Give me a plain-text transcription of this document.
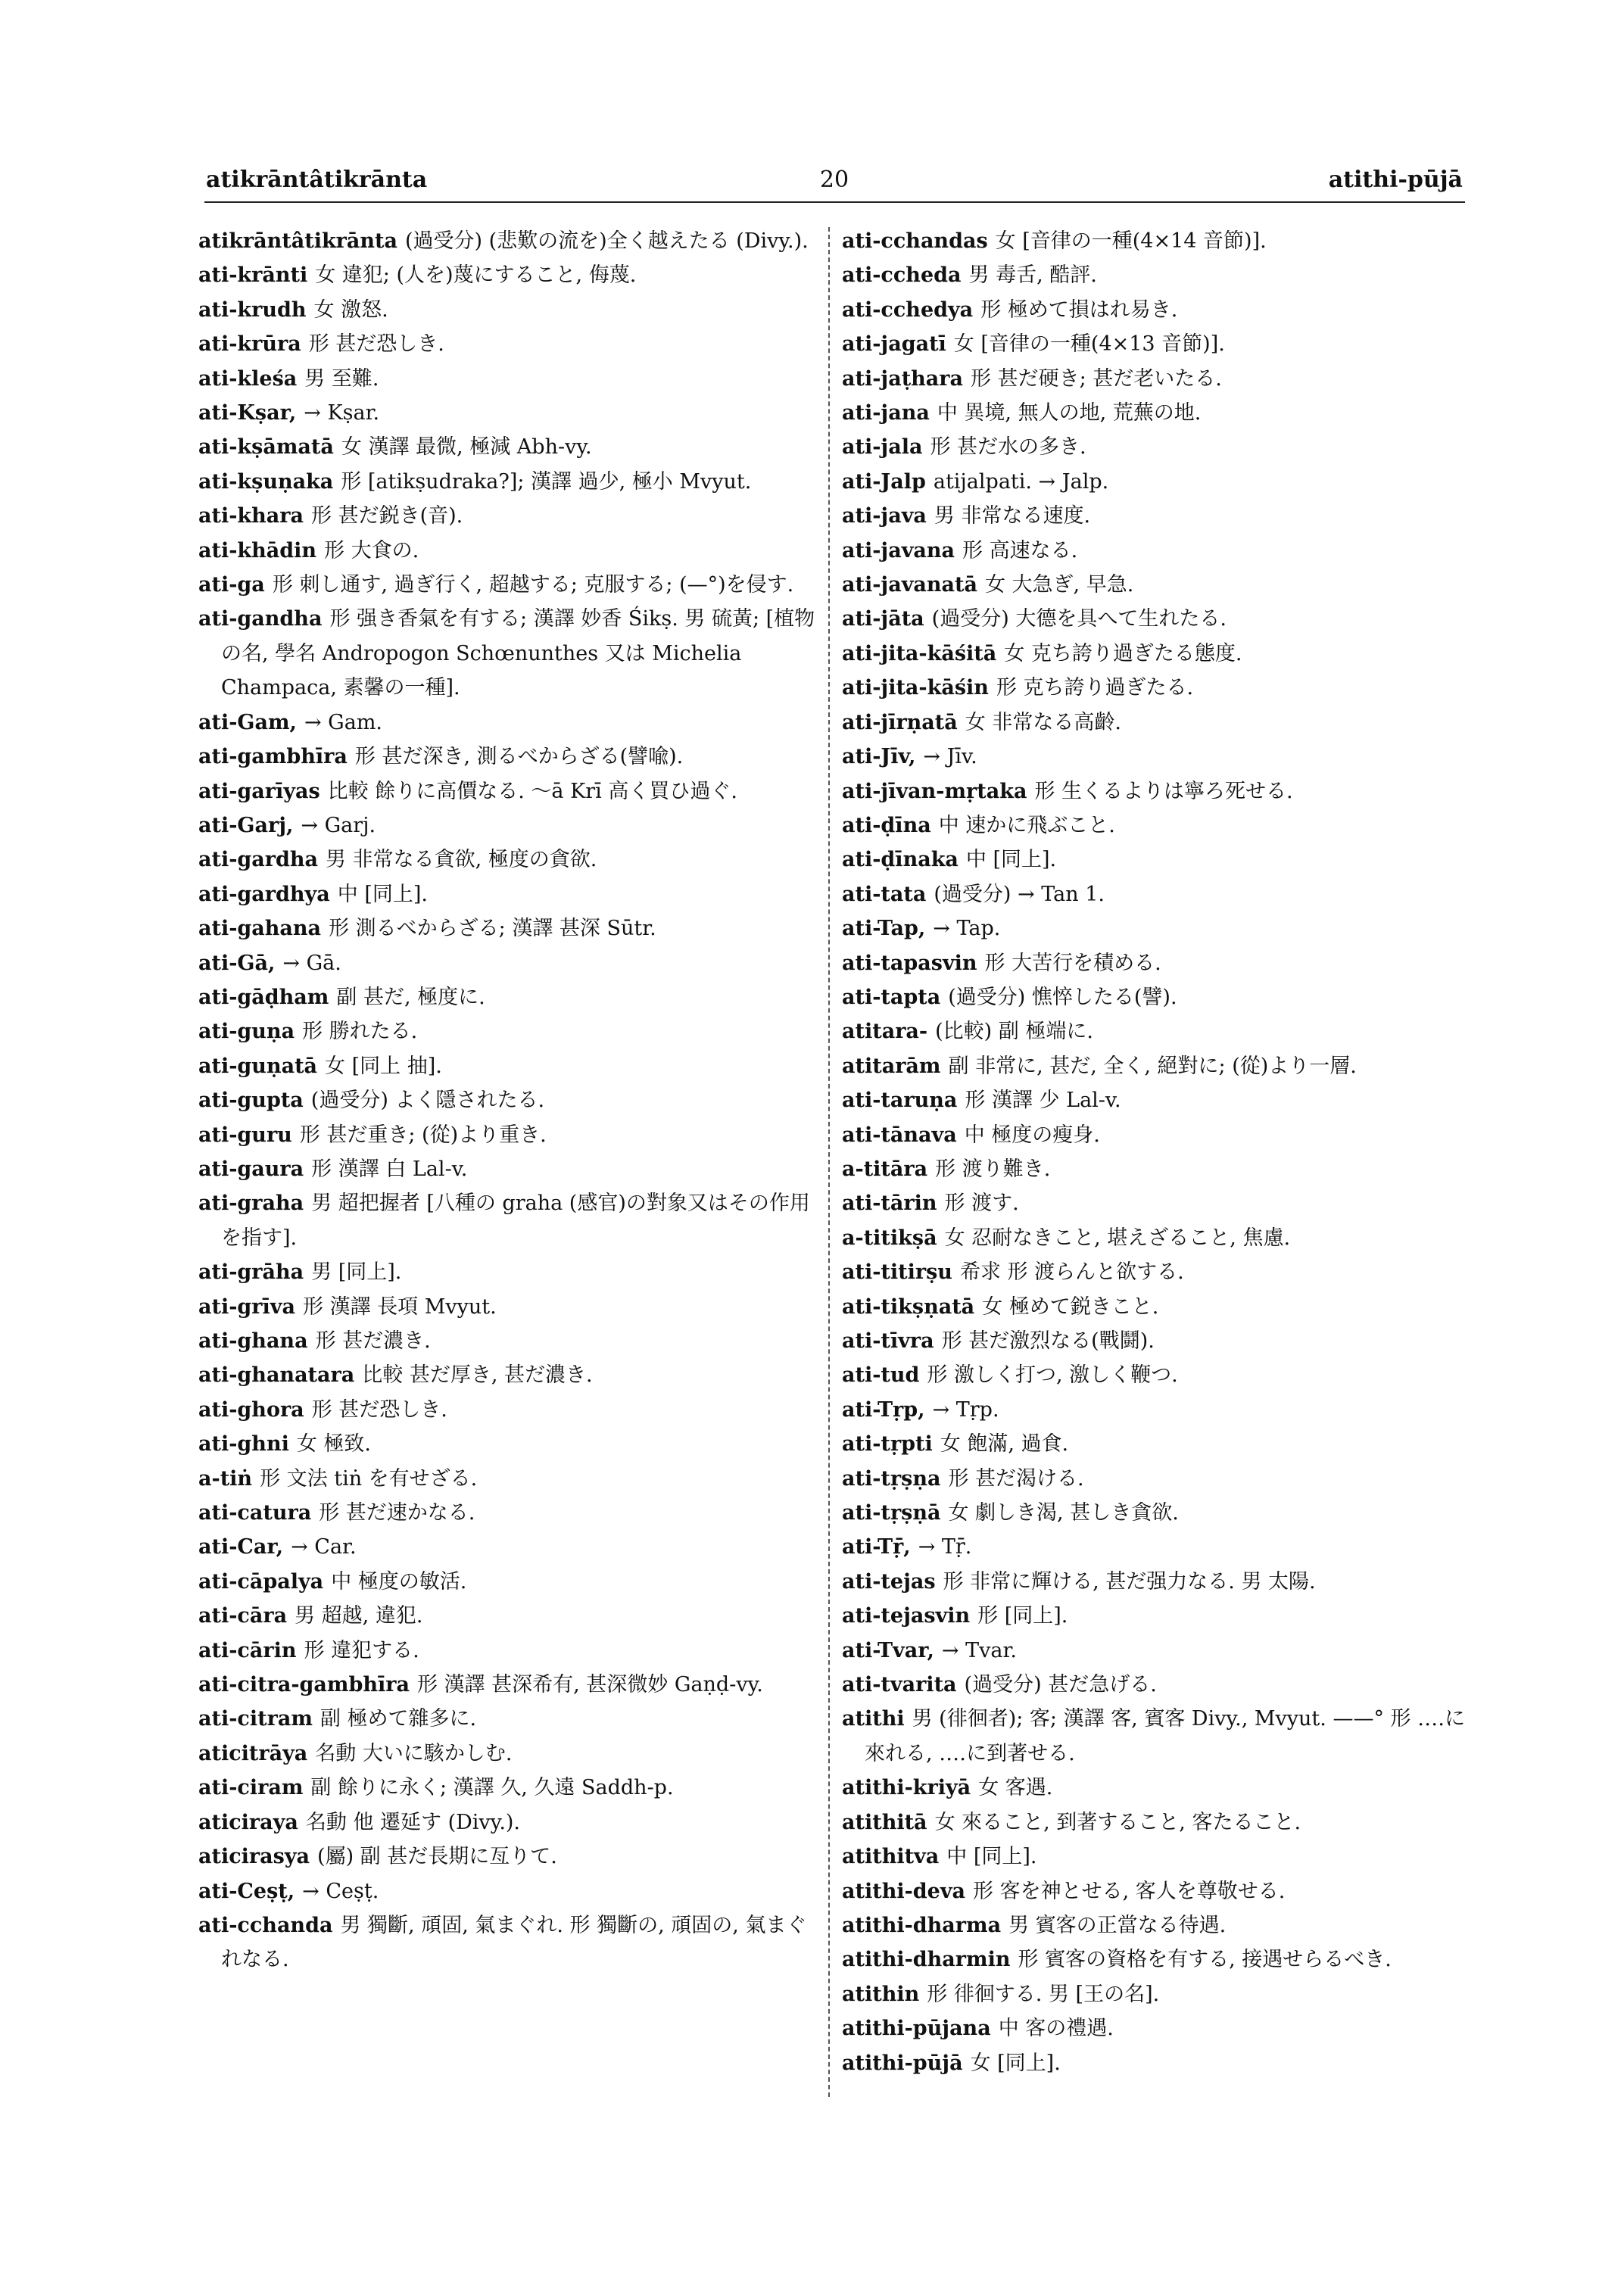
atikrāntâtikrānta	20	atithi-pūjā
atikrāntâtikrānta (過受分) (悲歎の流を)全く越えたる (Divy.).
ati-krānti 女 違犯; (人を)蔑にすること, 侮蔑.
ati-krudh 女 激怒.
ati-krūra 形 甚だ恐しき.
ati-kleśa 男 至難.
ati-Kṣar, → Kṣar.
ati-kṣāmatā 女 漢譯 最微, 極減 Abh-vy.
ati-kṣuṇaka 形 [atikṣudraka?]; 漢譯 過少, 極小 Mvyut.
ati-khara 形 甚だ鋭き(音).
ati-khādin 形 大食の.
ati-ga 形 刺し通す, 過ぎ行く, 超越する; 克服する; (—°)を侵す.
ati-gandha 形 强き香氣を有する; 漢譯 妙香 Śikṣ. 男 硫黃; [植物の名, 學名 Andropogon Schœnunthes 又は Michelia Champaca, 素馨の一種].
ati-Gam, → Gam.
ati-gambhīra 形 甚だ深き, 測るべからざる(譬喩).
ati-garīyas 比較 餘りに高價なる. ～ā Krī 高く買ひ過ぐ.
ati-Garj, → Garj.
ati-gardha 男 非常なる貪欲, 極度の貪欲.
ati-gardhya 中 [同上].
ati-gahana 形 測るべからざる; 漢譯 甚深 Sūtr.
ati-Gā, → Gā.
ati-gāḍham 副 甚だ, 極度に.
ati-guṇa 形 勝れたる.
ati-guṇatā 女 [同上 抽].
ati-gupta (過受分) よく隱されたる.
ati-guru 形 甚だ重き; (從)より重き.
ati-gaura 形 漢譯 白 Lal-v.
ati-graha 男 超把握者 [八種の graha (感官)の對象又はその作用を指す].
ati-grāha 男 [同上].
ati-grīva 形 漢譯 長項 Mvyut.
ati-ghana 形 甚だ濃き.
ati-ghanatara 比較 甚だ厚き, 甚だ濃き.
ati-ghora 形 甚だ恐しき.
ati-ghni 女 極致.
a-tiṅ 形 文法 tiṅ を有せざる.
ati-catura 形 甚だ速かなる.
ati-Car, → Car.
ati-cāpalya 中 極度の敏活.
ati-cāra 男 超越, 違犯.
ati-cārin 形 違犯する.
ati-citra-gambhīra 形 漢譯 甚深希有, 甚深微妙 Gaṇḍ-vy.
ati-citram 副 極めて雜多に.
aticitrāya 名動 大いに駭かしむ.
ati-ciram 副 餘りに永く; 漢譯 久, 久遠 Saddh-p.
aticiraya 名動 他 遷延す (Divy.).
aticirasya (屬) 副 甚だ長期に亙りて.
ati-Ceṣṭ, → Ceṣṭ.
ati-cchanda 男 獨斷, 頑固, 氣まぐれ. 形 獨斷の, 頑固の, 氣まぐれなる.
ati-cchandas 女 [音律の一種(4×14 音節)].
ati-ccheda 男 毒舌, 酷評.
ati-cchedya 形 極めて損はれ易き.
ati-jagatī 女 [音律の一種(4×13 音節)].
ati-jaṭhara 形 甚だ硬き; 甚だ老いたる.
ati-jana 中 異境, 無人の地, 荒蕪の地.
ati-jala 形 甚だ水の多き.
ati-Jalp atijalpati. → Jalp.
ati-java 男 非常なる速度.
ati-javana 形 高速なる.
ati-javanatā 女 大急ぎ, 早急.
ati-jāta (過受分) 大德を具へて生れたる.
ati-jita-kāśitā 女 克ち誇り過ぎたる態度.
ati-jita-kāśin 形 克ち誇り過ぎたる.
ati-jīrṇatā 女 非常なる高齡.
ati-Jīv, → Jīv.
ati-jīvan-mṛtaka 形 生くるよりは寧ろ死せる.
ati-ḍīna 中 速かに飛ぶこと.
ati-ḍīnaka 中 [同上].
ati-tata (過受分) → Tan 1.
ati-Tap, → Tap.
ati-tapasvin 形 大苦行を積める.
ati-tapta (過受分) 憔悴したる(譬).
atitara- (比較) 副 極端に.
atitarām 副 非常に, 甚だ, 全く, 絕對に; (從)より一層.
ati-taruṇa 形 漢譯 少 Lal-v.
ati-tānava 中 極度の瘦身.
a-titāra 形 渡り難き.
ati-tārin 形 渡す.
a-titikṣā 女 忍耐なきこと, 堪えざること, 焦慮.
ati-titirṣu 希求 形 渡らんと欲する.
ati-tikṣṇatā 女 極めて鋭きこと.
ati-tīvra 形 甚だ激烈なる(戰鬪).
ati-tud 形 激しく打つ, 激しく鞭つ.
ati-Tṛp, → Tṛp.
ati-tṛpti 女 飽滿, 過食.
ati-tṛṣṇa 形 甚だ渴ける.
ati-tṛṣṇā 女 劇しき渴, 甚しき貪欲.
ati-Tṝ, → Tṝ.
ati-tejas 形 非常に輝ける, 甚だ强力なる. 男 太陽.
ati-tejasvin 形 [同上].
ati-Tvar, → Tvar.
ati-tvarita (過受分) 甚だ急げる.
atithi 男 (徘徊者); 客; 漢譯 客, 賓客 Divy., Mvyut. ——° 形 ‥‥に來れる, ‥‥に到著せる.
atithi-kriyā 女 客遇.
atithitā 女 來ること, 到著すること, 客たること.
atithitva 中 [同上].
atithi-deva 形 客を神とせる, 客人を尊敬せる.
atithi-dharma 男 賓客の正當なる待遇.
atithi-dharmin 形 賓客の資格を有する, 接遇せらるべき.
atithin 形 徘徊する. 男 [王の名].
atithi-pūjana 中 客の禮遇.
atithi-pūjā 女 [同上].
